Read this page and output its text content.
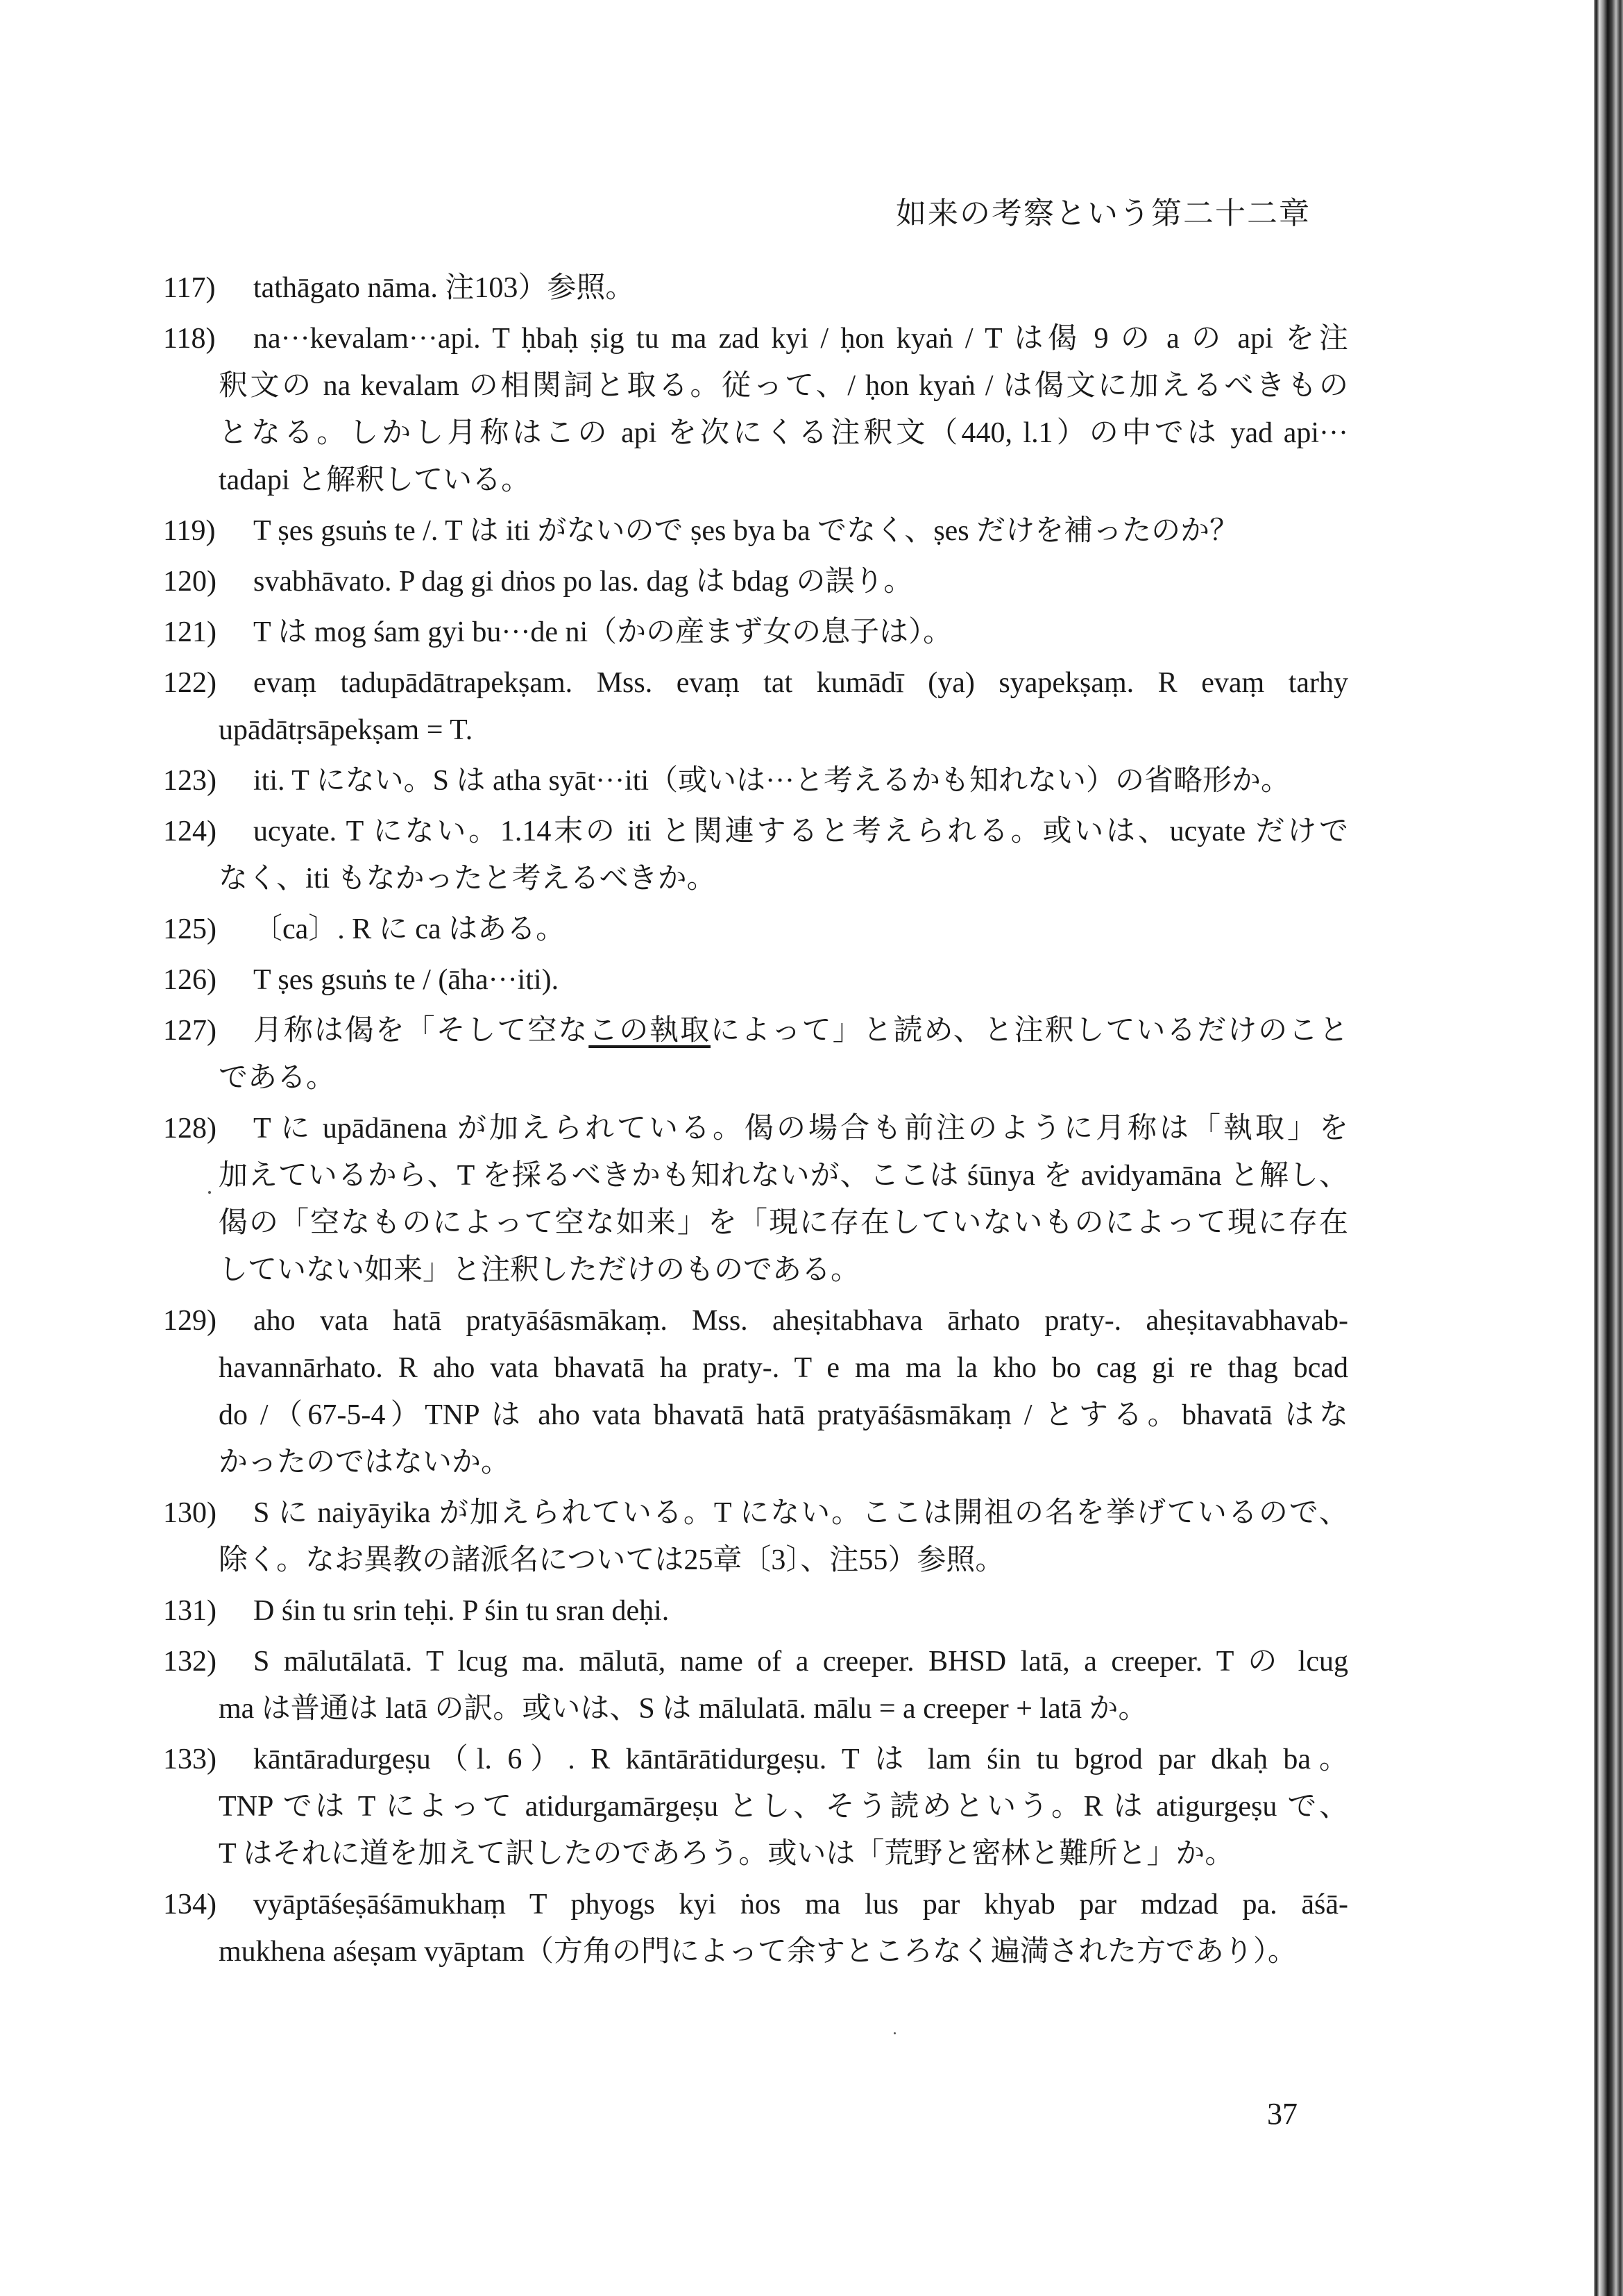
如来の考察という第二十二章
117)	tathāgato nāma. 注103）参照。
118)	na···kevalam···api. T ḥbaḥ ṣig tu ma zad kyi / ḥon kyaṅ / T は偈 9 の a の api を注
釈文の na kevalam の相関詞と取る。従って、/ ḥon kyaṅ / は偈文に加えるべきもの
となる。しかし月称はこの api を次にくる注釈文（440, l.1）の中では yad api···
tadapi と解釈している。
119)	T ṣes gsuṅs te /. T は iti がないので ṣes bya ba でなく、ṣes だけを補ったのか？
120)	svabhāvato. P dag gi dṅos po las. dag は bdag の誤り。
121)	T は mog śam gyi bu···de ni（かの産まず女の息子は）。
122)	evaṃ tadupādātrapekṣam. Mss. evaṃ tat kumādī (ya) syapekṣaṃ. R evaṃ tarhy
upādātṛsāpekṣam = T.
123)	iti. T にない。S は atha syāt···iti（或いは···と考えるかも知れない）の省略形か。
124)	ucyate. T にない。1.14末の iti と関連すると考えられる。或いは、ucyate だけで
なく、iti もなかったと考えるべきか。
125)	〔ca〕. R に ca はある。
126)	T ṣes gsuṅs te / (āha···iti).
127)	月称は偈を「そして空なこの執取によって」と読め、と注釈しているだけのこと
である。
128)	T に upādānena が加えられている。偈の場合も前注のように月称は「執取」を
加えているから、T を採るべきかも知れないが、ここは śūnya を avidyamāna と解し、
偈の「空なものによって空な如来」を「現に存在していないものによって現に存在
していない如来」と注釈しただけのものである。
129)	aho vata hatā pratyāśāsmākaṃ. Mss. aheṣitabhava ārhato praty-. aheṣitavabhavab-
havannārhato. R aho vata bhavatā ha praty-. T e ma ma la kho bo cag gi re thag bcad
do /（67-5-4）TNP は aho vata bhavatā hatā pratyāśāsmākaṃ / とする。bhavatā はな
かったのではないか。
130)	S に naiyāyika が加えられている。T にない。ここは開祖の名を挙げているので、
除く。なお異教の諸派名については25章〔3〕、注55）参照。
131)	D śin tu srin teḥi. P śin tu sran deḥi.
132)	S mālutālatā. T lcug ma. mālutā, name of a creeper. BHSD latā, a creeper. T の lcug
ma は普通は latā の訳。或いは、S は mālulatā. mālu = a creeper + latā か。
133)	kāntāradurgeṣu（l. 6）. R kāntārātidurgeṣu. T は lam śin tu bgrod par dkaḥ ba。
TNP では T によって atidurgamārgeṣu とし、そう読めという。R は atigurgeṣu で、
T はそれに道を加えて訳したのであろう。或いは「荒野と密林と難所と」か。
134)	vyāptāśeṣāśāmukhaṃ T phyogs kyi ṅos ma lus par khyab par mdzad pa. āśā-
mukhena aśeṣam vyāptam（方角の門によって余すところなく遍満された方であり）。
37
